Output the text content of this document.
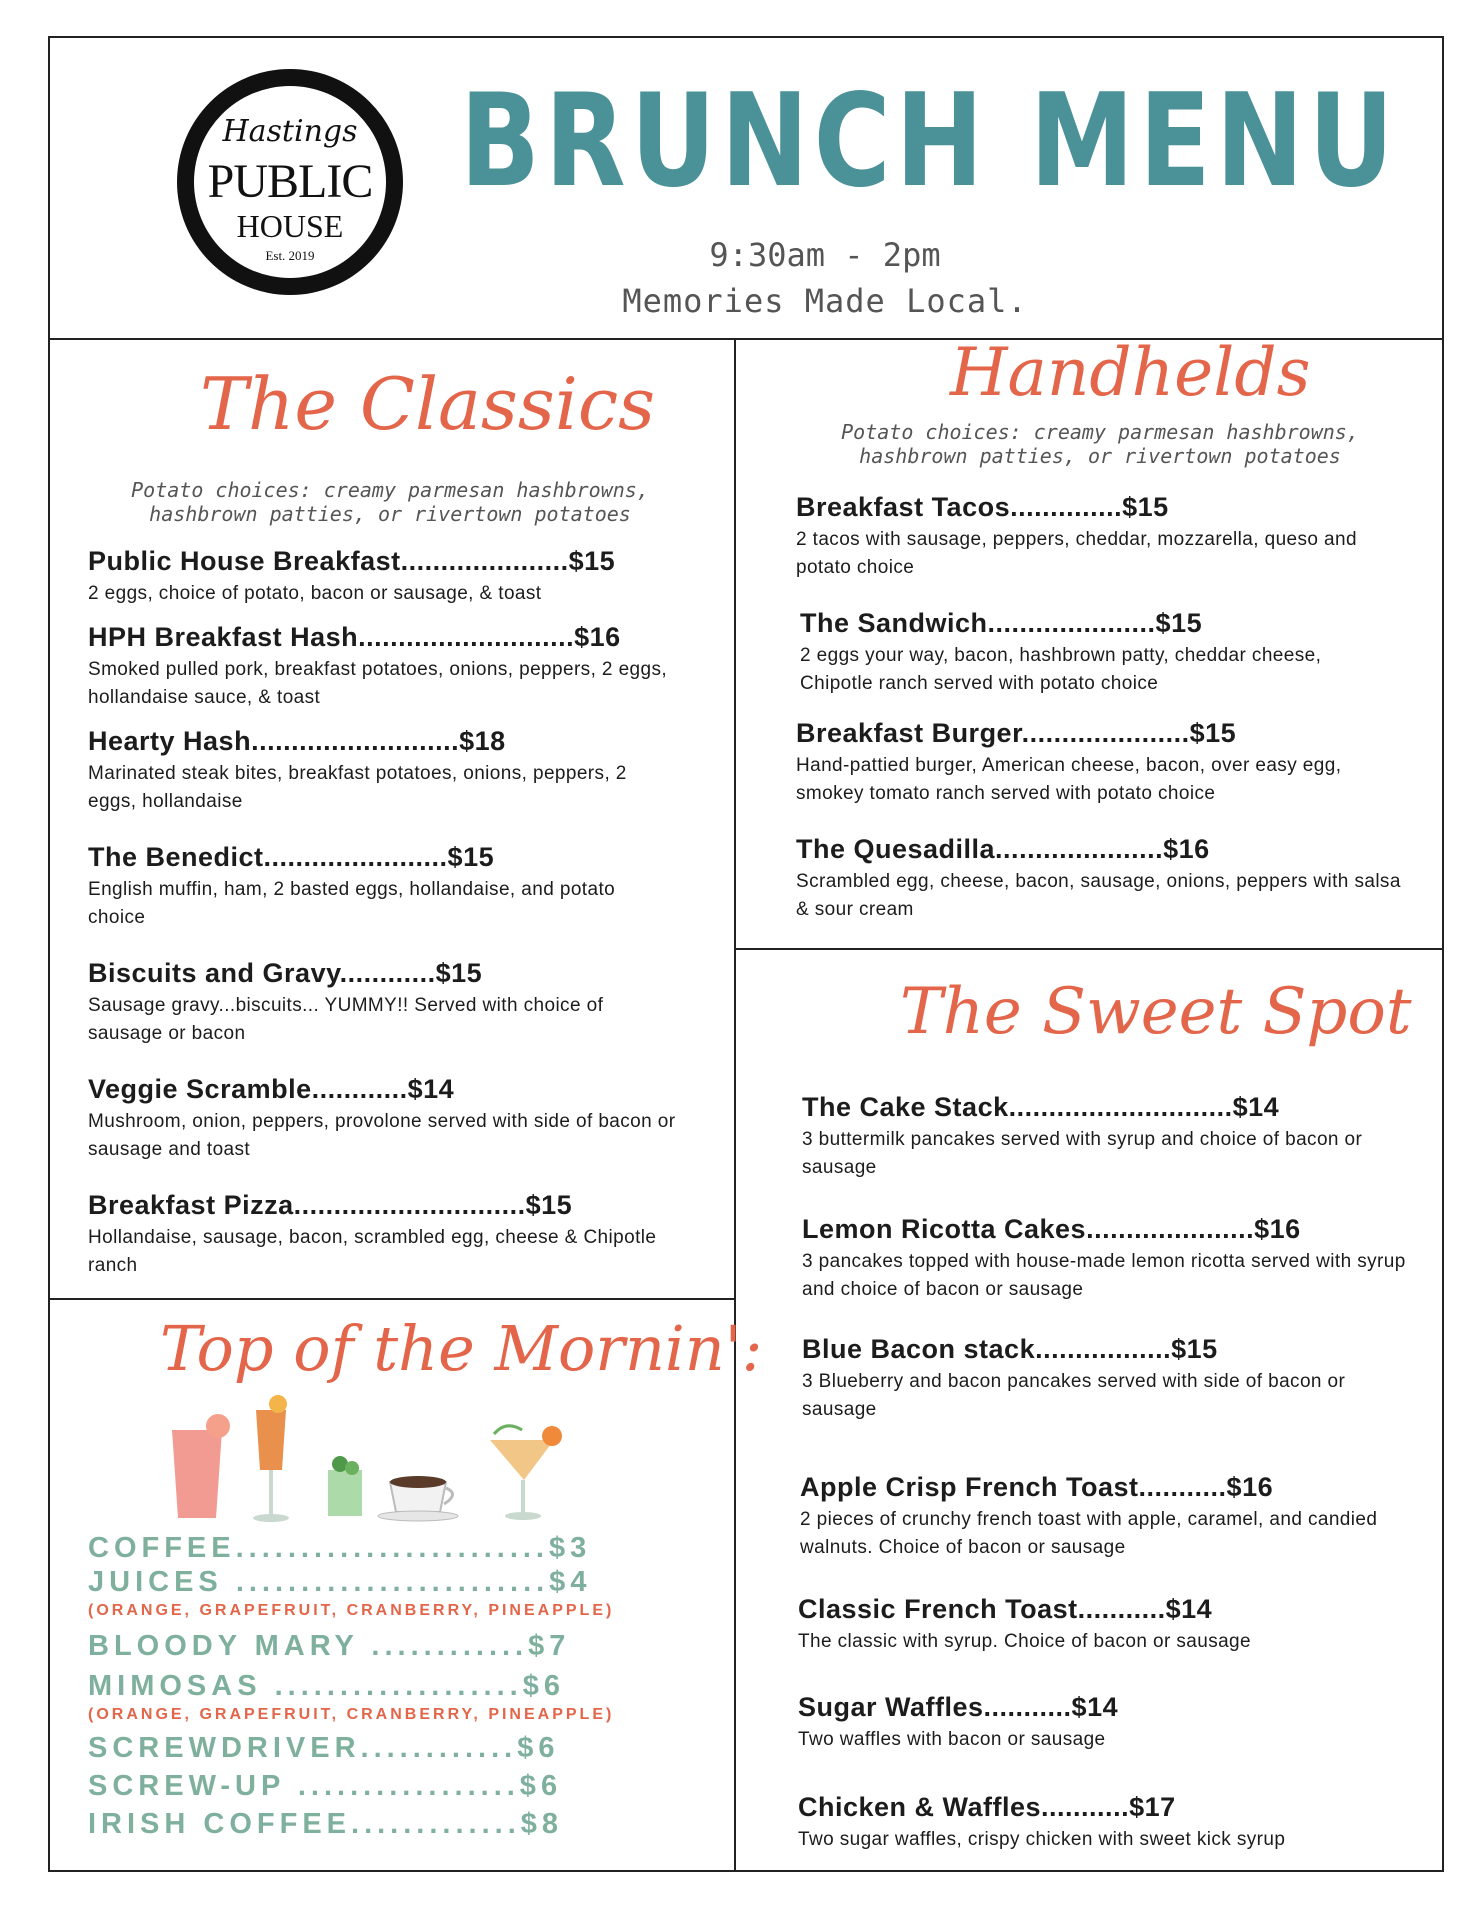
Hastings
PUBLIC
HOUSE
Est. 2019
BRUNCH MENU
9:30am - 2pm
Memories Made Local.
The Classics
Potato choices: creamy parmesan hashbrowns,
hashbrown patties, or rivertown potatoes
Public House Breakfast.....................$15
2 eggs, choice of potato, bacon or sausage, & toast
HPH Breakfast Hash...........................$16
Smoked pulled pork, breakfast potatoes, onions, peppers, 2 eggs, hollandaise sauce, & toast
Hearty Hash..........................$18
Marinated steak bites, breakfast potatoes, onions, peppers, 2 eggs, hollandaise
The Benedict.......................$15
English muffin, ham, 2 basted eggs, hollandaise, and potato choice
Biscuits and Gravy............$15
Sausage gravy...biscuits... YUMMY!! Served with choice of sausage or bacon
Veggie Scramble............$14
Mushroom, onion, peppers, provolone served with side of bacon or sausage and toast
Breakfast Pizza.............................$15
Hollandaise, sausage, bacon, scrambled egg, cheese & Chipotle ranch
Top of the Mornin':
COFFEE........................$3
JUICES ........................$4
(ORANGE, GRAPEFRUIT, CRANBERRY, PINEAPPLE)
BLOODY MARY ............$7
MIMOSAS ...................$6
(ORANGE, GRAPEFRUIT, CRANBERRY, PINEAPPLE)
SCREWDRIVER............$6
SCREW-UP .................$6
IRISH COFFEE.............$8
Handhelds
Potato choices: creamy parmesan hashbrowns,
hashbrown patties, or rivertown potatoes
Breakfast Tacos..............$15
2 tacos with sausage, peppers, cheddar, mozzarella, queso and potato choice
The Sandwich.....................$15
2 eggs your way, bacon, hashbrown patty, cheddar cheese, Chipotle ranch served with potato choice
Breakfast Burger.....................$15
Hand-pattied burger, American cheese, bacon, over easy egg, smokey tomato ranch served with potato choice
The Quesadilla.....................$16
Scrambled egg, cheese, bacon, sausage, onions, peppers with salsa & sour cream
The Sweet Spot
The Cake Stack............................$14
3 buttermilk pancakes served with syrup and choice of bacon or sausage
Lemon Ricotta Cakes.....................$16
3 pancakes topped with house-made lemon ricotta served with syrup and choice of bacon or sausage
Blue Bacon stack.................$15
3 Blueberry and bacon pancakes served with side of bacon or sausage
Apple Crisp French Toast...........$16
2 pieces of crunchy french toast with apple, caramel, and candied walnuts. Choice of bacon or sausage
Classic French Toast...........$14
The classic with syrup. Choice of bacon or sausage
Sugar Waffles...........$14
Two waffles with bacon or sausage
Chicken & Waffles...........$17
Two sugar waffles, crispy chicken with sweet kick syrup
